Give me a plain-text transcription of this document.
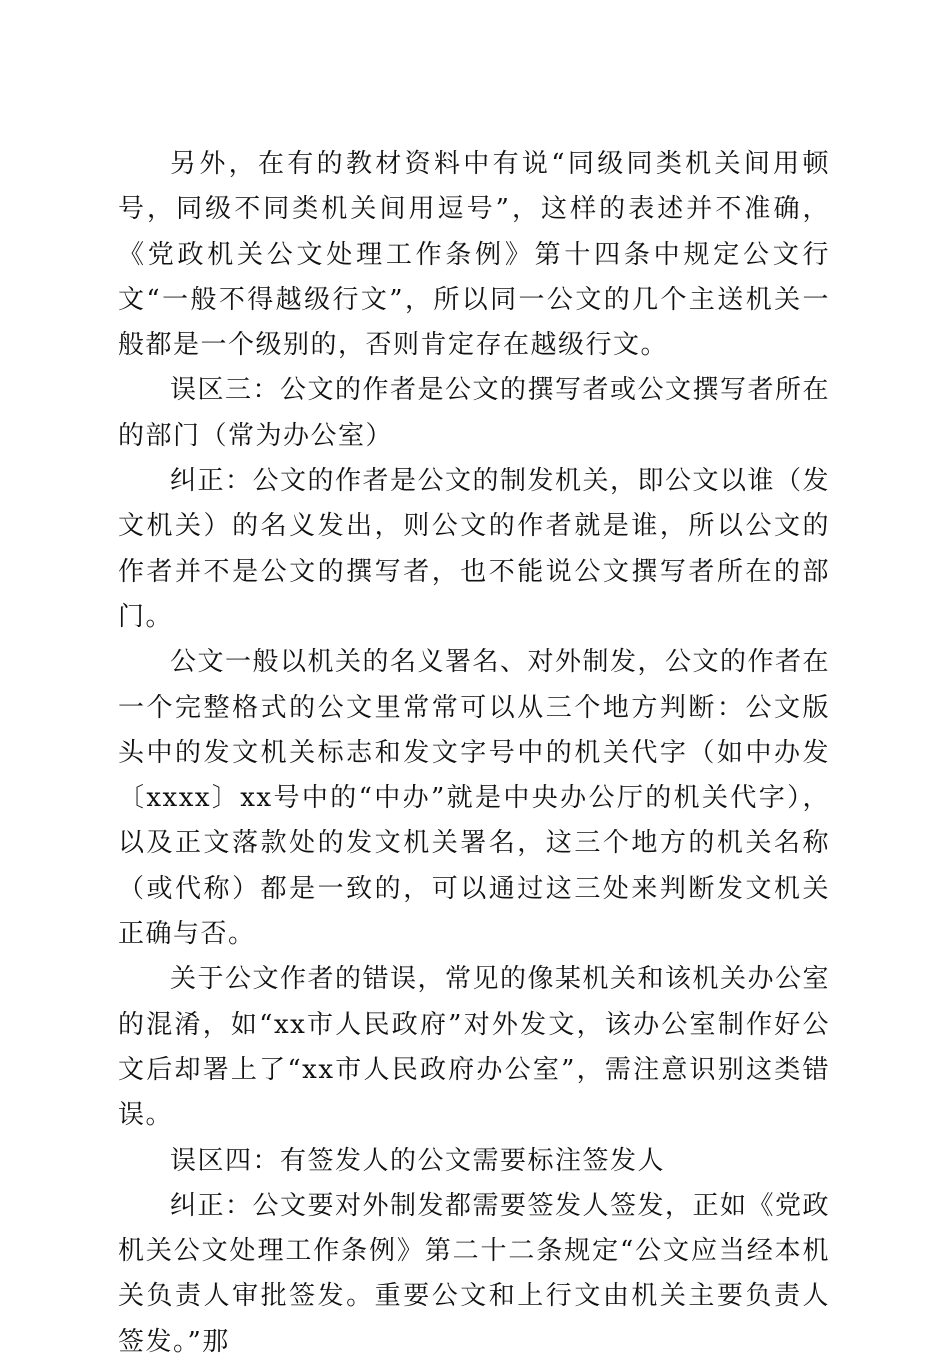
另外，在有的教材资料中有说“同级同类机关间用顿号，同级不同类机关间用逗号”，这样的表述并不准确，《党政机关公文处理工作条例》第十四条中规定公文行文“一般不得越级行文”，所以同一公文的几个主送机关一般都是一个级别的，否则肯定存在越级行文。

误区三：公文的作者是公文的撰写者或公文撰写者所在的部门（常为办公室）

纠正：公文的作者是公文的制发机关，即公文以谁（发文机关）的名义发出，则公文的作者就是谁，所以公文的作者并不是公文的撰写者，也不能说公文撰写者所在的部门。

公文一般以机关的名义署名、对外制发，公文的作者在一个完整格式的公文里常常可以从三个地方判断：公文版头中的发文机关标志和发文字号中的机关代字（如中办发〔xxxx〕xx号中的“中办”就是中央办公厅的机关代字），以及正文落款处的发文机关署名，这三个地方的机关名称（或代称）都是一致的，可以通过这三处来判断发文机关正确与否。

关于公文作者的错误，常见的像某机关和该机关办公室的混淆，如“xx市人民政府”对外发文，该办公室制作好公文后却署上了“xx市人民政府办公室”，需注意识别这类错误。

误区四：有签发人的公文需要标注签发人

纠正：公文要对外制发都需要签发人签发，正如《党政机关公文处理工作条例》第二十二条规定“公文应当经本机关负责人审批签发。重要公文和上行文由机关主要负责人签发。”那
